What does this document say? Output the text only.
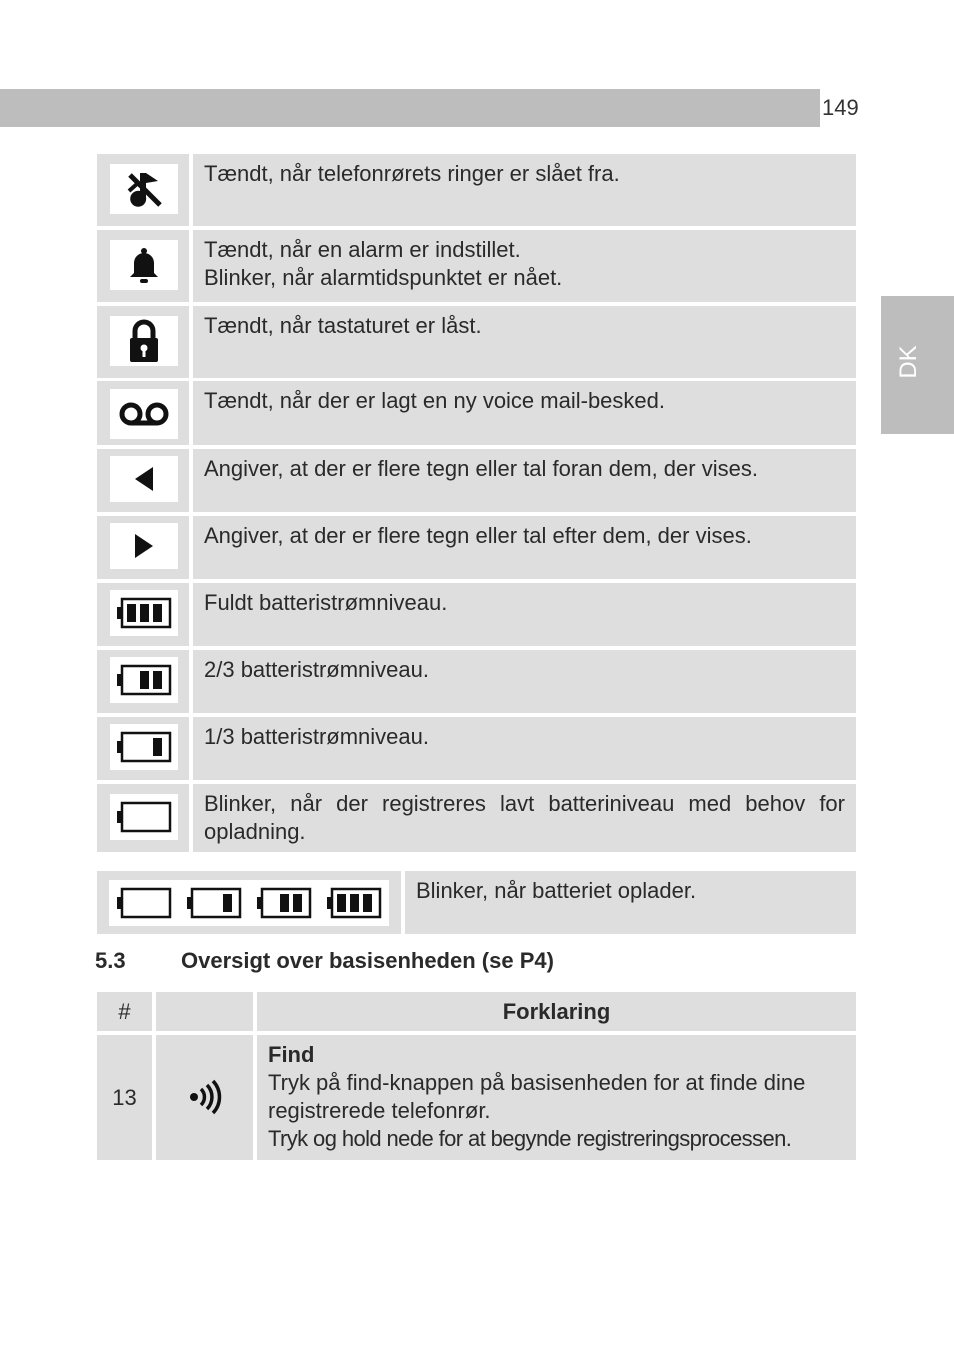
149
DK
Tændt, når telefonrørets ringer er slået fra.
Tændt, når en alarm er indstillet.
Blinker, når alarmtidspunktet er nået.
Tændt, når tastaturet er låst.
Tændt, når der er lagt en ny voice mail-besked.
Angiver, at der er flere tegn eller tal foran dem, der vises.
Angiver, at der er flere tegn eller tal efter dem, der vises.
Fuldt batteristrømniveau.
2/3 batteristrømniveau.
1/3 batteristrømniveau.
Blinker, når der registreres lavt batteriniveau med behov for opladning.
Blinker, når batteriet oplader.
5.3	Oversigt over basisenheden (se P4)
#	Forklaring
13
Find
Tryk på find-knappen på basisenheden for at finde dine
registrerede telefonrør.
Tryk og hold nede for at begynde registreringsprocessen.
